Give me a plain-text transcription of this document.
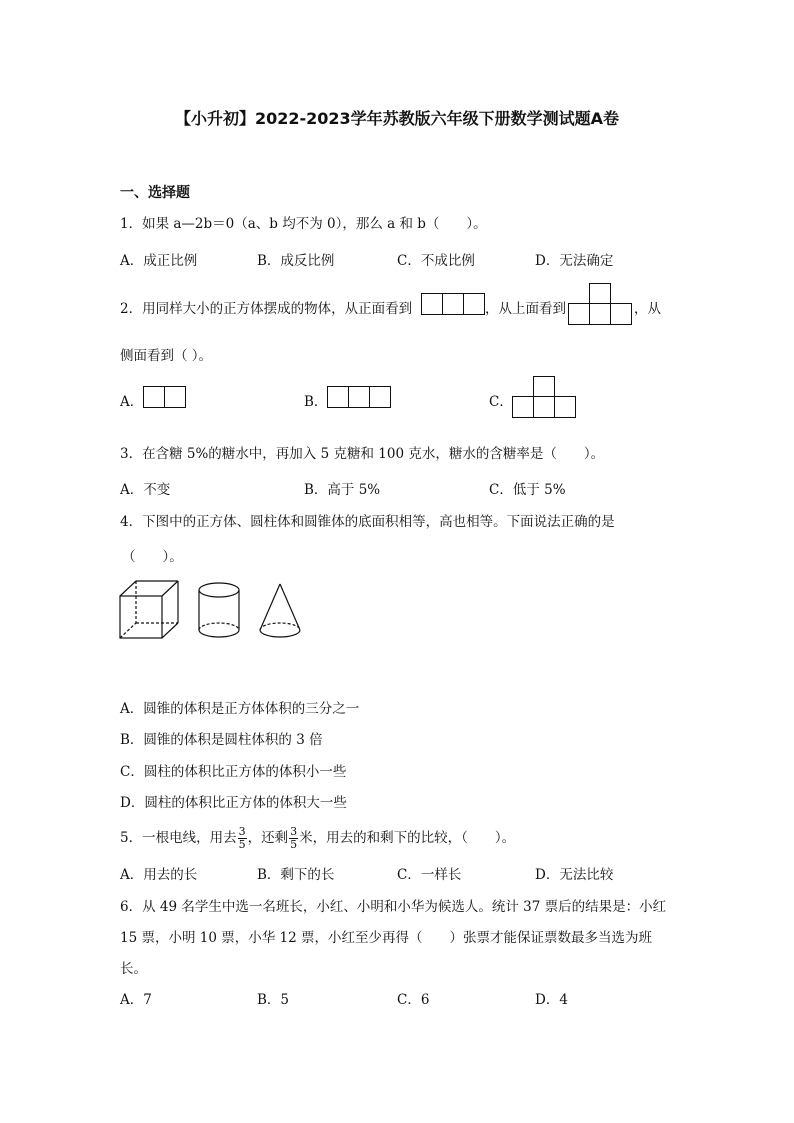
【小升初】2022-2023学年苏教版六年级下册数学测试题A卷
一、选择题
1．如果 a—2b＝0（a、b 均不为 0），那么 a 和 b（　　）。
A．成正比例	B．成反比例	C．不成比例	D．无法确定
2．用同样大小的正方体摆成的物体，从正面看到	，从上面看到	，从
侧面看到（ ）。
A．	B．	C．
3．在含糖 5%的糖水中，再加入 5 克糖和 100 克水，糖水的含糖率是（　　）。
A．不变	B．高于 5%	C．低于 5%
4．下图中的正方体、圆柱体和圆锥体的底面积相等，高也相等。下面说法正确的是
（　　）。
A．圆锥的体积是正方体体积的三分之一
B．圆锥的体积是圆柱体积的 3 倍
C．圆柱的体积比正方体的体积小一些
D．圆柱的体积比正方体的体积大一些
5．一根电线，用去 $\frac{3}{5}$ ，还剩 $\frac{3}{5}$ 米，用去的和剩下的比较，（　　）。
A．用去的长	B．剩下的长	C．一样长	D．无法比较
6．从 49 名学生中选一名班长，小红、小明和小华为候选人。统计 37 票后的结果是：小红
15 票，小明 10 票，小华 12 票，小红至少再得（　　）张票才能保证票数最多当选为班
长。
A．7	B．5	C．6	D．4
